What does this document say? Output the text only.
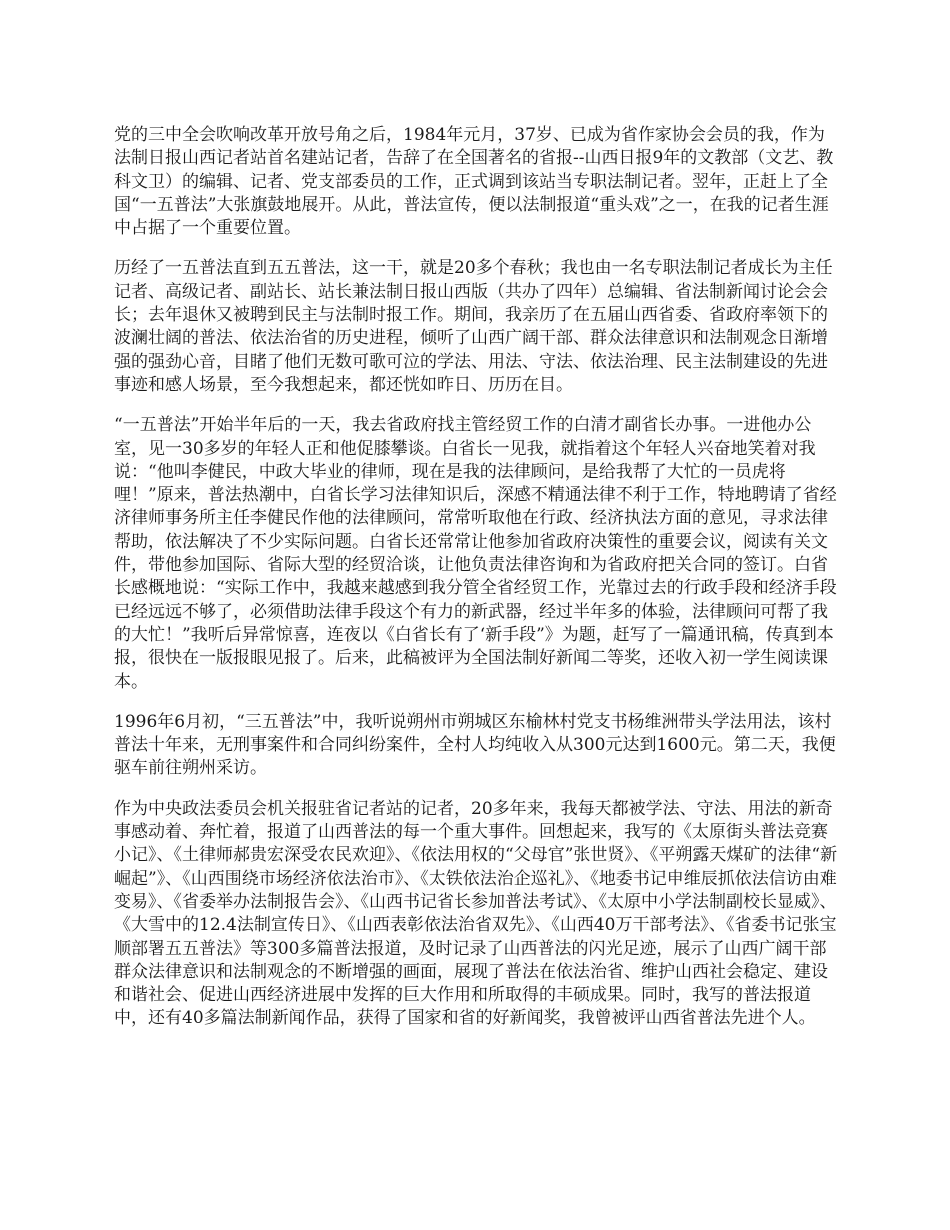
党的三中全会吹响改革开放号角之后，1984年元月，37岁、已成为省作家协会会员的我，作为法制日报山西记者站首名建站记者，告辞了在全国著名的省报--山西日报9年的文教部（文艺、教科文卫）的编辑、记者、党支部委员的工作，正式调到该站当专职法制记者。翌年，正赶上了全国“一五普法”大张旗鼓地展开。从此，普法宣传，便以法制报道“重头戏”之一，在我的记者生涯中占据了一个重要位置。

历经了一五普法直到五五普法，这一干，就是20多个春秋；我也由一名专职法制记者成长为主任记者、高级记者、副站长、站长兼法制日报山西版（共办了四年）总编辑、省法制新闻讨论会会长；去年退休又被聘到民主与法制时报工作。期间，我亲历了在五届山西省委、省政府率领下的波澜壮阔的普法、依法治省的历史进程，倾听了山西广阔干部、群众法律意识和法制观念日渐增强的强劲心音，目睹了他们无数可歌可泣的学法、用法、守法、依法治理、民主法制建设的先进事迹和感人场景，至今我想起来，都还恍如昨日、历历在目。

“一五普法”开始半年后的一天，我去省政府找主管经贸工作的白清才副省长办事。一进他办公室，见一30多岁的年轻人正和他促膝攀谈。白省长一见我，就指着这个年轻人兴奋地笑着对我说：“他叫李健民，中政大毕业的律师，现在是我的法律顾问，是给我帮了大忙的一员虎将哩！”原来，普法热潮中，白省长学习法律知识后，深感不精通法律不利于工作，特地聘请了省经济律师事务所主任李健民作他的法律顾问，常常听取他在行政、经济执法方面的意见，寻求法律帮助，依法解决了不少实际问题。白省长还常常让他参加省政府决策性的重要会议，阅读有关文件，带他参加国际、省际大型的经贸洽谈，让他负责法律咨询和为省政府把关合同的签订。白省长感概地说：“实际工作中，我越来越感到我分管全省经贸工作，光靠过去的行政手段和经济手段已经远远不够了，必须借助法律手段这个有力的新武器，经过半年多的体验，法律顾问可帮了我的大忙！”我听后异常惊喜，连夜以《白省长有了‘新手段”》为题，赶写了一篇通讯稿，传真到本报，很快在一版报眼见报了。后来，此稿被评为全国法制好新闻二等奖，还收入初一学生阅读课本。

1996年6月初，“三五普法”中，我听说朔州市朔城区东榆林村党支书杨维洲带头学法用法，该村普法十年来，无刑事案件和合同纠纷案件，全村人均纯收入从300元达到1600元。第二天，我便驱车前往朔州采访。

作为中央政法委员会机关报驻省记者站的记者，20多年来，我每天都被学法、守法、用法的新奇事感动着、奔忙着，报道了山西普法的每一个重大事件。回想起来，我写的《太原街头普法竞赛小记》、《土律师郝贵宏深受农民欢迎》、《依法用权的“父母官”张世贤》、《平朔露天煤矿的法律“新崛起”》、《山西围绕市场经济依法治市》、《太铁依法治企巡礼》、《地委书记申维辰抓依法信访由难变易》、《省委举办法制报告会》、《山西书记省长参加普法考试》、《太原中小学法制副校长显威》、《大雪中的12.4法制宣传日》、《山西表彰依法治省双先》、《山西40万干部考法》、《省委书记张宝顺部署五五普法》等300多篇普法报道，及时记录了山西普法的闪光足迹，展示了山西广阔干部群众法律意识和法制观念的不断增强的画面，展现了普法在依法治省、维护山西社会稳定、建设和谐社会、促进山西经济进展中发挥的巨大作用和所取得的丰硕成果。同时，我写的普法报道中，还有40多篇法制新闻作品，获得了国家和省的好新闻奖，我曾被评山西省普法先进个人。
